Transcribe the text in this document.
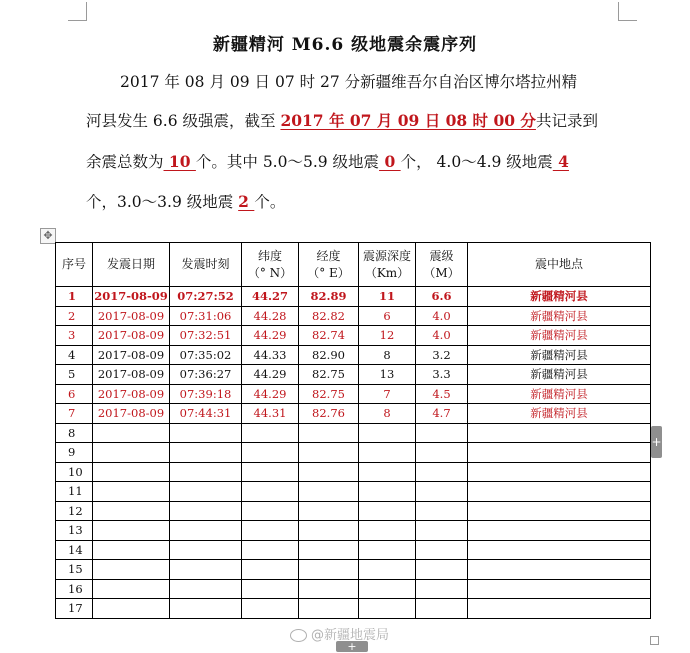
新疆精河 M6.6 级地震余震序列
2017 年 08 月 09 日 07 时 27 分新疆维吾尔自治区博尔塔拉州精
河县发生 6.6 级强震，截至 2017 年 07 月 09 日 08 时 00 分共记录到
余震总数为 10 个。其中 5.0～5.9 级地震 0 个， 4.0～4.9 级地震 4
个，3.0～3.9 级地震 2 个。
✥
序号	发震日期	发震时刻	纬度
（° N）	经度
（° E）	震源深度
（Km）	震级
（M）	震中地点
1	2017-08-09	07:27:52	44.27	82.89	11	6.6	新疆精河县
2	2017-08-09	07:31:06	44.28	82.82	6	4.0	新疆精河县
3	2017-08-09	07:32:51	44.29	82.74	12	4.0	新疆精河县
4	2017-08-09	07:35:02	44.33	82.90	8	3.2	新疆精河县
5	2017-08-09	07:36:27	44.29	82.75	13	3.3	新疆精河县
6	2017-08-09	07:39:18	44.29	82.75	7	4.5	新疆精河县
7	2017-08-09	07:44:31	44.31	82.76	8	4.7	新疆精河县
8							
9							
10							
11							
12							
13							
14							
15							
16							
17							
+
+
@新疆地震局
